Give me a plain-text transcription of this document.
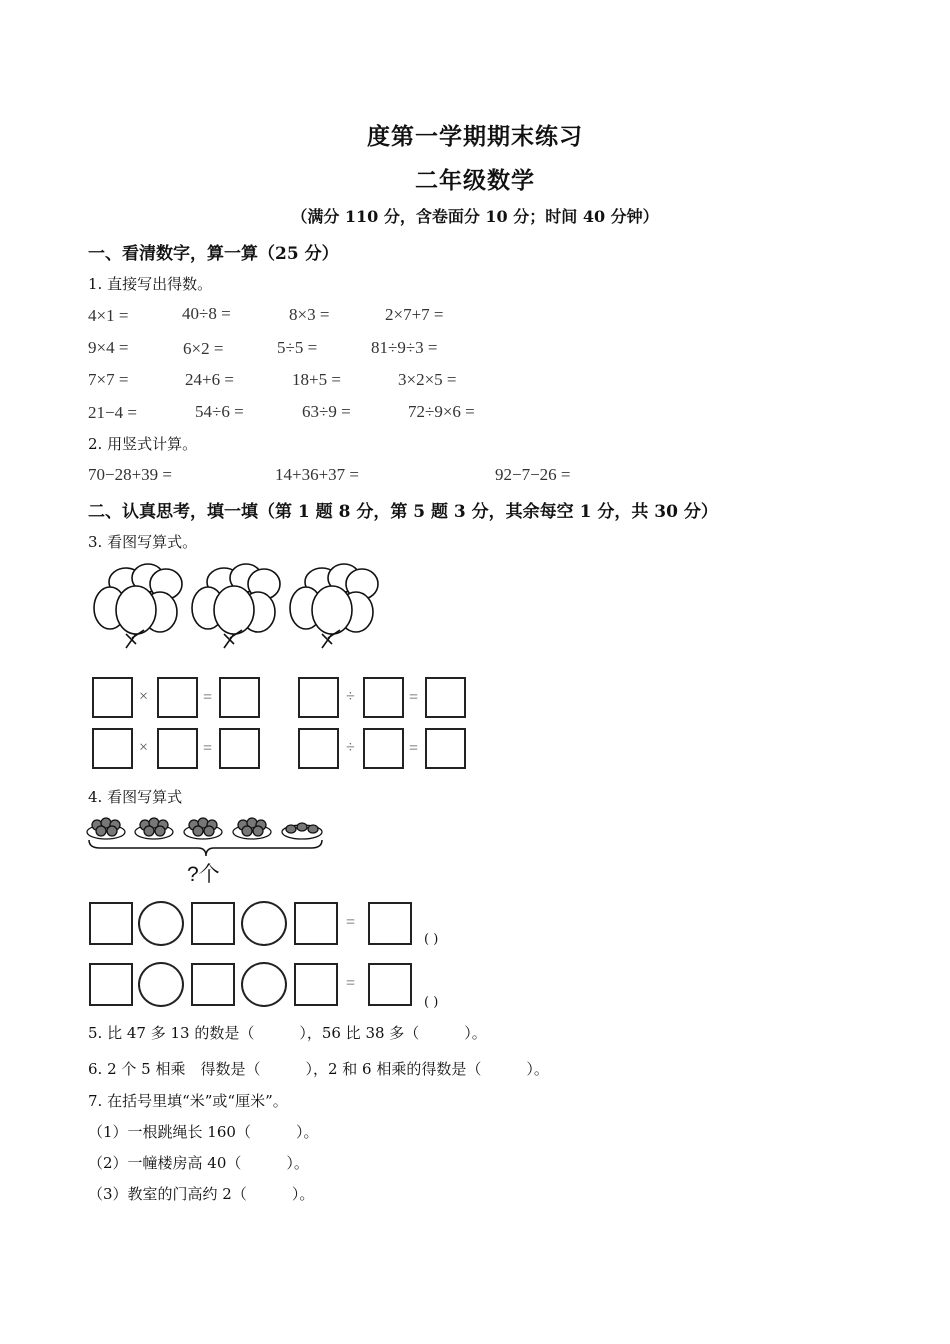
度第一学期期末练习
二年级数学
（满分 110 分，含卷面分 10 分；时间 40 分钟）
一、看清数字，算一算（25 分）
1. 直接写出得数。
4×1 =	40÷8 =	8×3 =	2×7+7 =
9×4 =	6×2 =	5÷5 =	81÷9÷3 =
7×7 =	24+6 =	18+5 =	3×2×5 =
21−4 =	54÷6 =	63÷9 =	72÷9×6 =
2. 用竖式计算。
70−28+39 =	14+36+37 =	92−7−26 =
二、认真思考，填一填（第 1 题 8 分，第 5 题 3 分，其余每空 1 分，共 30 分）
3. 看图写算式。
×	=	÷	=
×	=	÷	=
4. 看图写算式
?个
=
( )
=
( )
5. 比 47 多 13 的数是（　　　），56 比 38 多（　　　）。
6. 2 个 5 相乘　得数是（　　　），2 和 6 相乘的得数是（　　　）。
7. 在括号里填“米”或“厘米”。
（1）一根跳绳长 160（　　　）。
（2）一幢楼房高 40（　　　）。
（3）教室的门高约 2（　　　）。
